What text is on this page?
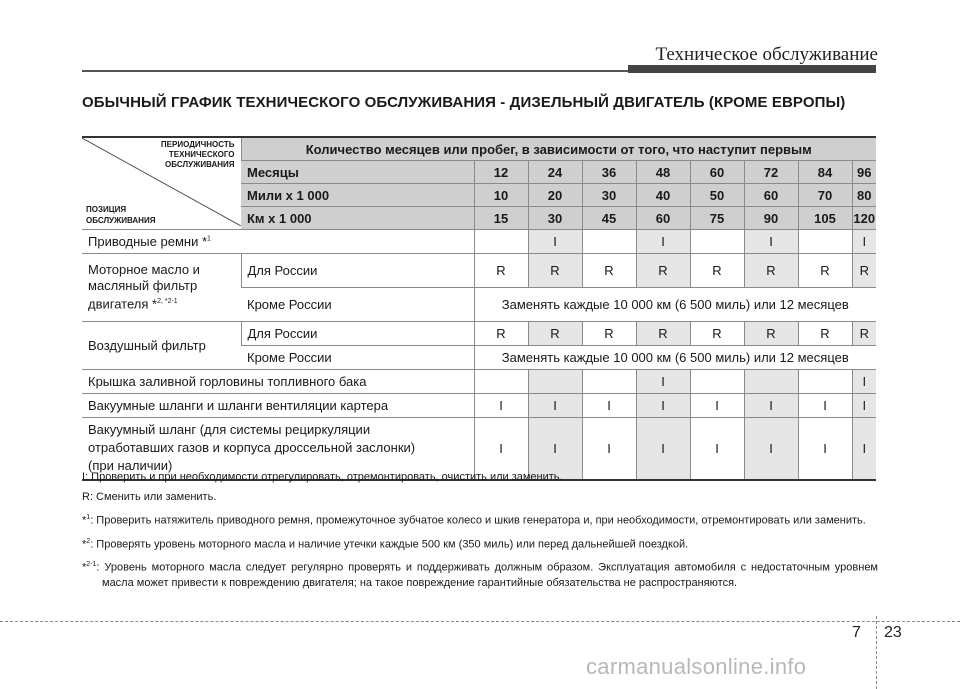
Техническое обслуживание
ОБЫЧНЫЙ ГРАФИК ТЕХНИЧЕСКОГО ОБСЛУЖИВАНИЯ - ДИЗЕЛЬНЫЙ ДВИГАТЕЛЬ (КРОМЕ ЕВРОПЫ)
ПЕРИОДИЧНОСТЬ
ТЕХНИЧЕСКОГО
ОБСЛУЖИВАНИЯ
ПОЗИЦИЯ
ОБСЛУЖИВАНИЯ	Количество месяцев или пробег, в зависимости от того, что наступит первым								
	Месяцы	12	24	36	48	60	72	84	96
	Мили x 1 000	10	20	30	40	50	60	70	80
	Км x 1 000	15	30	45	60	75	90	105	120
Приводные ремни *$^1$			I		I		I		I

Моторное масло и
масляный фильтр
двигателя *$^{2, *2-1}$	Для России	R	R	R	R	R	R	R	R
	Кроме России	Заменять каждые 10 000 км (6 500 миль) или 12 месяцев							
Воздушный фильтр	Для России	R	R	R	R	R	R	R	R
	Кроме России	Заменять каждые 10 000 км (6 500 миль) или 12 месяцев							
Крышка заливной горловины топливного бака					I				I
Вакуумные шланги и шланги вентиляции картера		I	I	I	I	I	I	I	I

Вакуумный шланг (для системы рециркуляции
отработавших газов и корпуса дроссельной заслонки)
(при наличии)		I	I	I	I	I	I	I	I

I: Проверить и при необходимости отрегулировать, отремонтировать, очистить или заменить.

R: Сменить или заменить.

*$^1$: Проверить натяжитель приводного ремня, промежуточное зубчатое колесо и шкив генератора и, при необходимости, отремонтировать или заменить.

*$^2$: Проверять уровень моторного масла и наличие утечки каждые 500 км (350 миль) или перед дальнейшей поездкой.

*$^{2-1}$: Уровень моторного масла следует регулярно проверять и поддерживать должным образом. Эксплуатация автомобиля с недостаточным уровнем масла может привести к повреждению двигателя; на такое повреждение гарантийные обязательства не распространяются.

7 23
carmanualsonline.info
